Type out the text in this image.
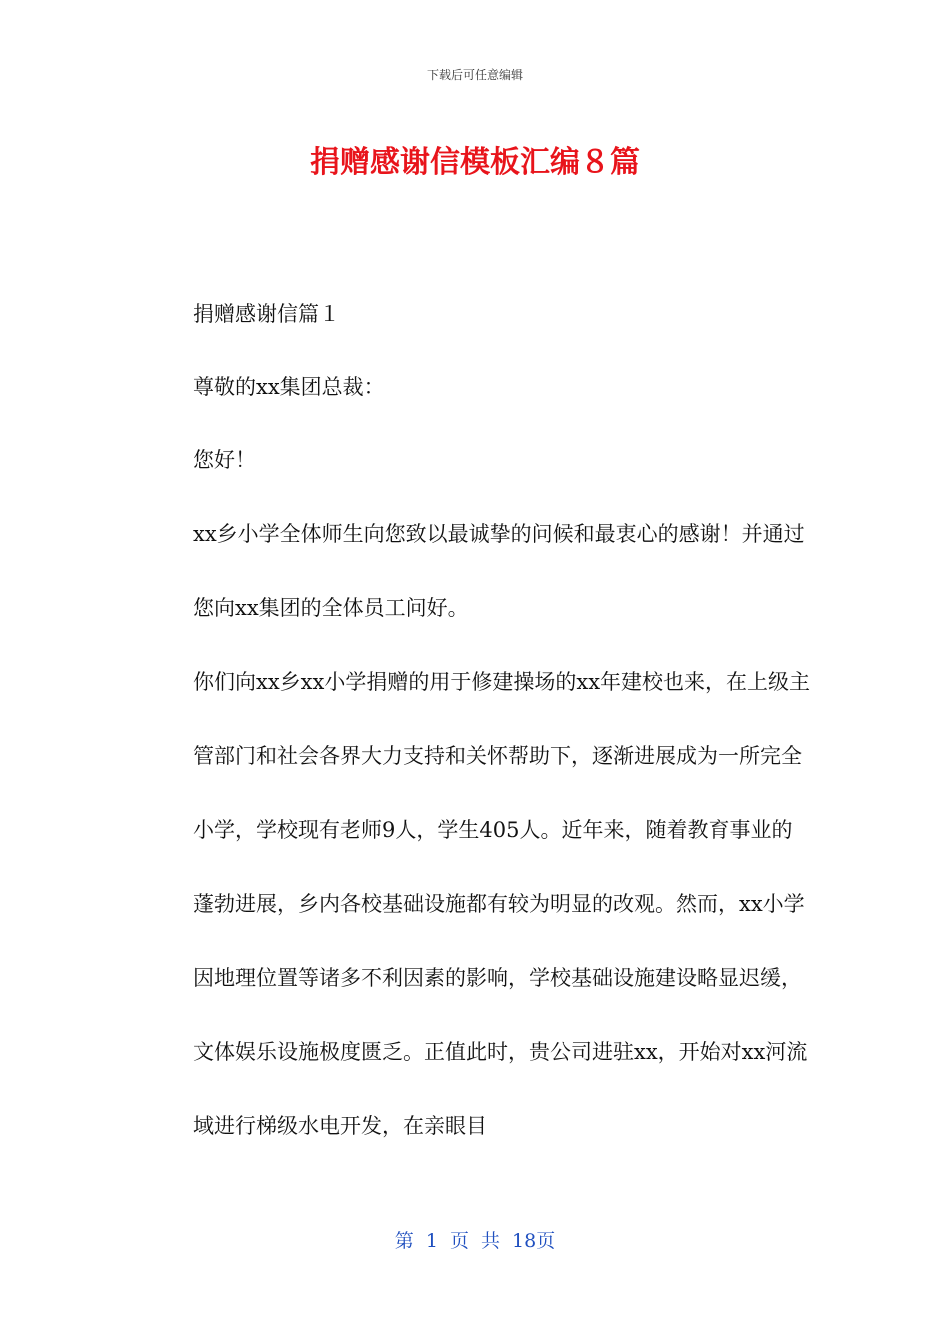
下载后可任意编辑
捐赠感谢信模板汇编８篇

捐赠感谢信篇１

尊敬的xx集团总裁：

您好！

xx乡小学全体师生向您致以最诚挚的问候和最衷心的感谢！并通过您向xx集团的全体员工问好。

你们向xx乡xx小学捐赠的用于修建操场的xx年建校也来，在上级主管部门和社会各界大力支持和关怀帮助下，逐渐进展成为一所完全小学，学校现有老师9人，学生405人。近年来，随着教育事业的蓬勃进展，乡内各校基础设施都有较为明显的改观。然而，xx小学因地理位置等诸多不利因素的影响，学校基础设施建设略显迟缓，文体娱乐设施极度匮乏。正值此时，贵公司进驻xx，开始对xx河流域进行梯级水电开发，在亲眼目

第 1 页 共 18页
